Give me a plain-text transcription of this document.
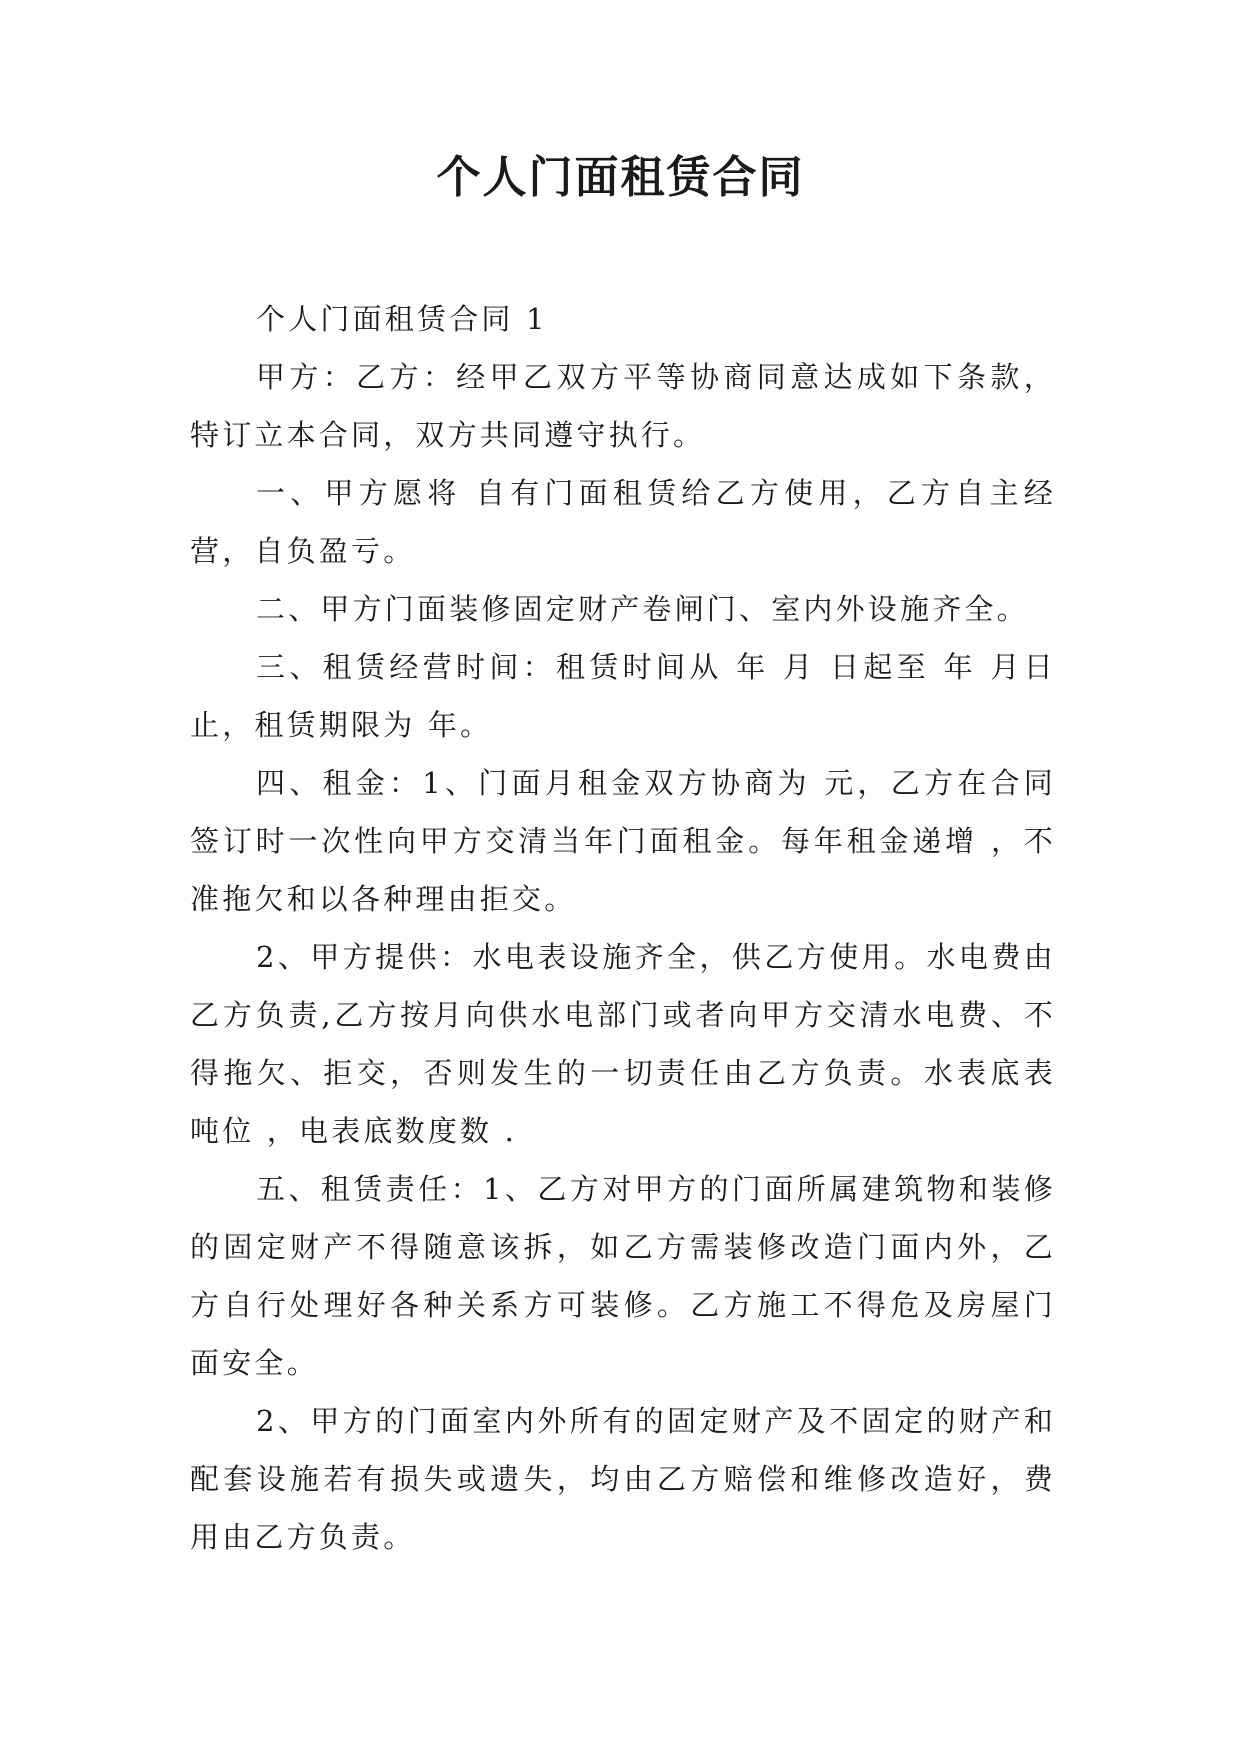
个人门面租赁合同

个人门面租赁合同 1

甲方：乙方：经甲乙双方平等协商同意达成如下条款，特订立本合同，双方共同遵守执行。

一、甲方愿将 自有门面租赁给乙方使用，乙方自主经营，自负盈亏。

二、甲方门面装修固定财产卷闸门、室内外设施齐全。

三、租赁经营时间：租赁时间从 年 月 日起至 年 月日止，租赁期限为 年。

四、租金：1、门面月租金双方协商为 元，乙方在合同签订时一次性向甲方交清当年门面租金。每年租金递增 ，不准拖欠和以各种理由拒交。

2、甲方提供：水电表设施齐全，供乙方使用。水电费由乙方负责,乙方按月向供水电部门或者向甲方交清水电费、不得拖欠、拒交，否则发生的一切责任由乙方负责。水表底表吨位 ，电表底数度数 .

五、租赁责任：1、乙方对甲方的门面所属建筑物和装修的固定财产不得随意该拆，如乙方需装修改造门面内外，乙方自行处理好各种关系方可装修。乙方施工不得危及房屋门面安全。

2、甲方的门面室内外所有的固定财产及不固定的财产和配套设施若有损失或遗失，均由乙方赔偿和维修改造好，费用由乙方负责。
